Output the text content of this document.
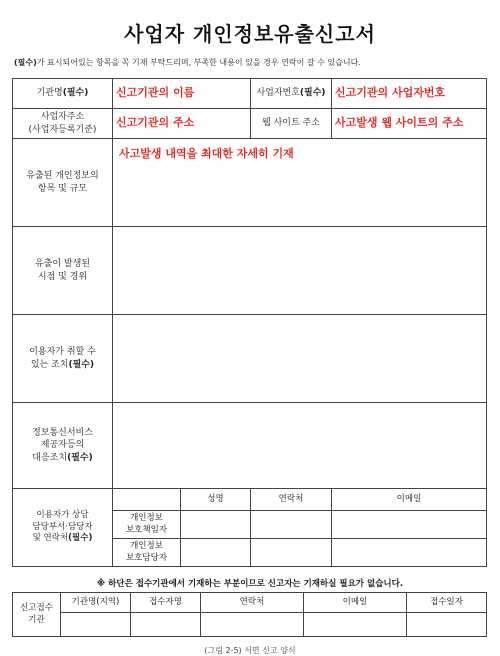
사업자 개인정보유출신고서
(필수)가 표시되어있는 항목을 꼭 기재 부탁드리며, 부족한 내용이 있을 경우 연락이 갈 수 있습니다.
기관명(필수)	신고기관의 이름		사업자번호(필수)	신고기관의 사업자번호

사업자주소
(사업자등록기준)	신고기관의 주소		웹 사이트 주소	사고발생 웹 사이트의 주소

유출된 개인정보의
항목 및 규모	사고발생 내역을 최대한 자세히 기재			

유출이 발생된
시점 및 경위				

이용자가 취할 수
있는 조치(필수)				

정보통신서비스
제공자등의
대응조치(필수)				

이용자가 상담
담당부서·담당자
및 연락처(필수)		성명	연락처	이메일

	개인정보
보호책임자			

	개인정보
보호담당자			

※ 하단은 접수기관에서 기재하는 부분이므로 신고자는 기재하실 필요가 없습니다.
신고접수
기관	기관명(지역)	접수자명	연락처	이메일	접수일자

(그림 2-5) 서면 신고 양식
